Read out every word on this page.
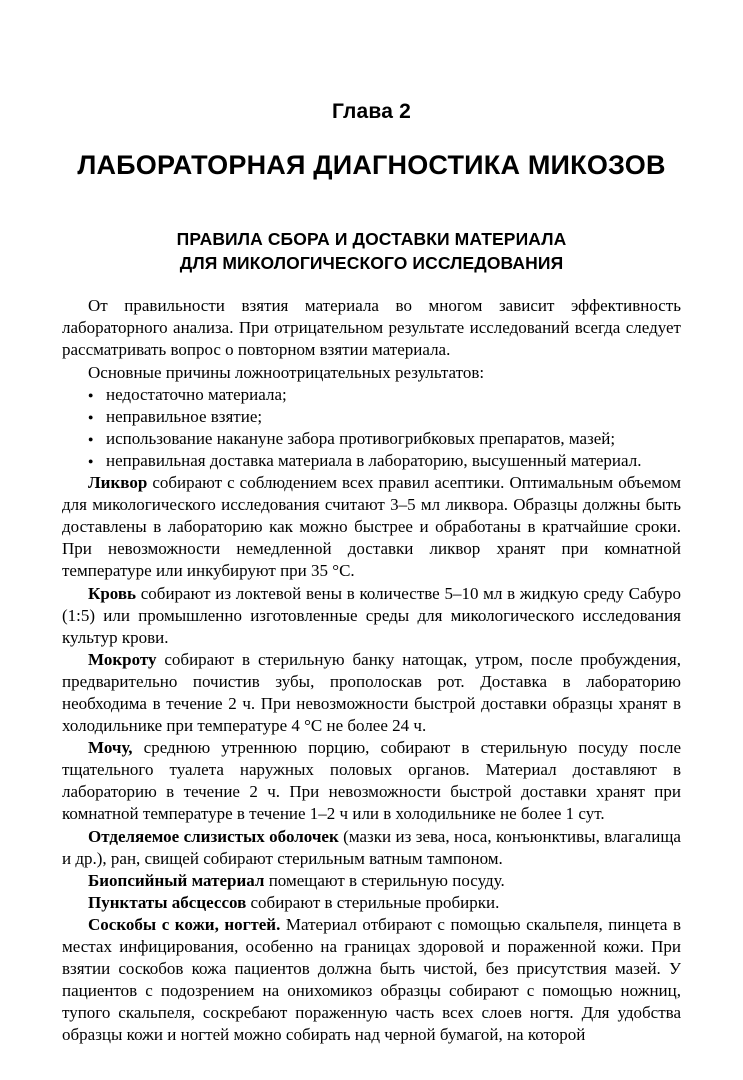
Глава 2
ЛАБОРАТОРНАЯ ДИАГНОСТИКА МИКОЗОВ
ПРАВИЛА СБОРА И ДОСТАВКИ МАТЕРИАЛА
ДЛЯ МИКОЛОГИЧЕСКОГО ИССЛЕДОВАНИЯ

От правильности взятия материала во многом зависит эффективность лабораторного анализа. При отрицательном результате исследований всегда следует рассматривать вопрос о повторном взятии материала.

Основные причины ложноотрицательных результатов:

● недостаточно материала;
● неправильное взятие;
● использование накануне забора противогрибковых препаратов, мазей;
● неправильная доставка материала в лабораторию, высушенный материал.

Ликвор собирают с соблюдением всех правил асептики. Оптимальным объемом для микологического исследования считают 3–5 мл ликвора. Образцы должны быть доставлены в лабораторию как можно быстрее и обработаны в кратчайшие сроки. При невозможности немедленной доставки ликвор хранят при комнатной температуре или инкубируют при 35 °С.

Кровь собирают из локтевой вены в количестве 5–10 мл в жидкую среду Сабуро (1:5) или промышленно изготовленные среды для микологического исследования культур крови.

Мокроту собирают в стерильную банку натощак, утром, после пробуждения, предварительно почистив зубы, прополоскав рот. Доставка в лабораторию необходима в течение 2 ч. При невозможности быстрой доставки образцы хранят в холодильнике при температуре 4 °С не более 24 ч.

Мочу, среднюю утреннюю порцию, собирают в стерильную посуду после тщательного туалета наружных половых органов. Материал доставляют в лабораторию в течение 2 ч. При невозможности быстрой доставки хранят при комнатной температуре в течение 1–2 ч или в холодильнике не более 1 сут.

Отделяемое слизистых оболочек (мазки из зева, носа, конъюнктивы, влагалища и др.), ран, свищей собирают стерильным ватным тампоном.

Биопсийный материал помещают в стерильную посуду.

Пунктаты абсцессов собирают в стерильные пробирки.

Соскобы с кожи, ногтей. Материал отбирают с помощью скальпеля, пинцета в местах инфицирования, особенно на границах здоровой и пораженной кожи. При взятии соскобов кожа пациентов должна быть чистой, без присутствия мазей. У пациентов с подозрением на онихомикоз образцы собирают с помощью ножниц, тупого скальпеля, соскребают пораженную часть всех слоев ногтя. Для удобства образцы кожи и ногтей можно собирать над черной бумагой, на которой
